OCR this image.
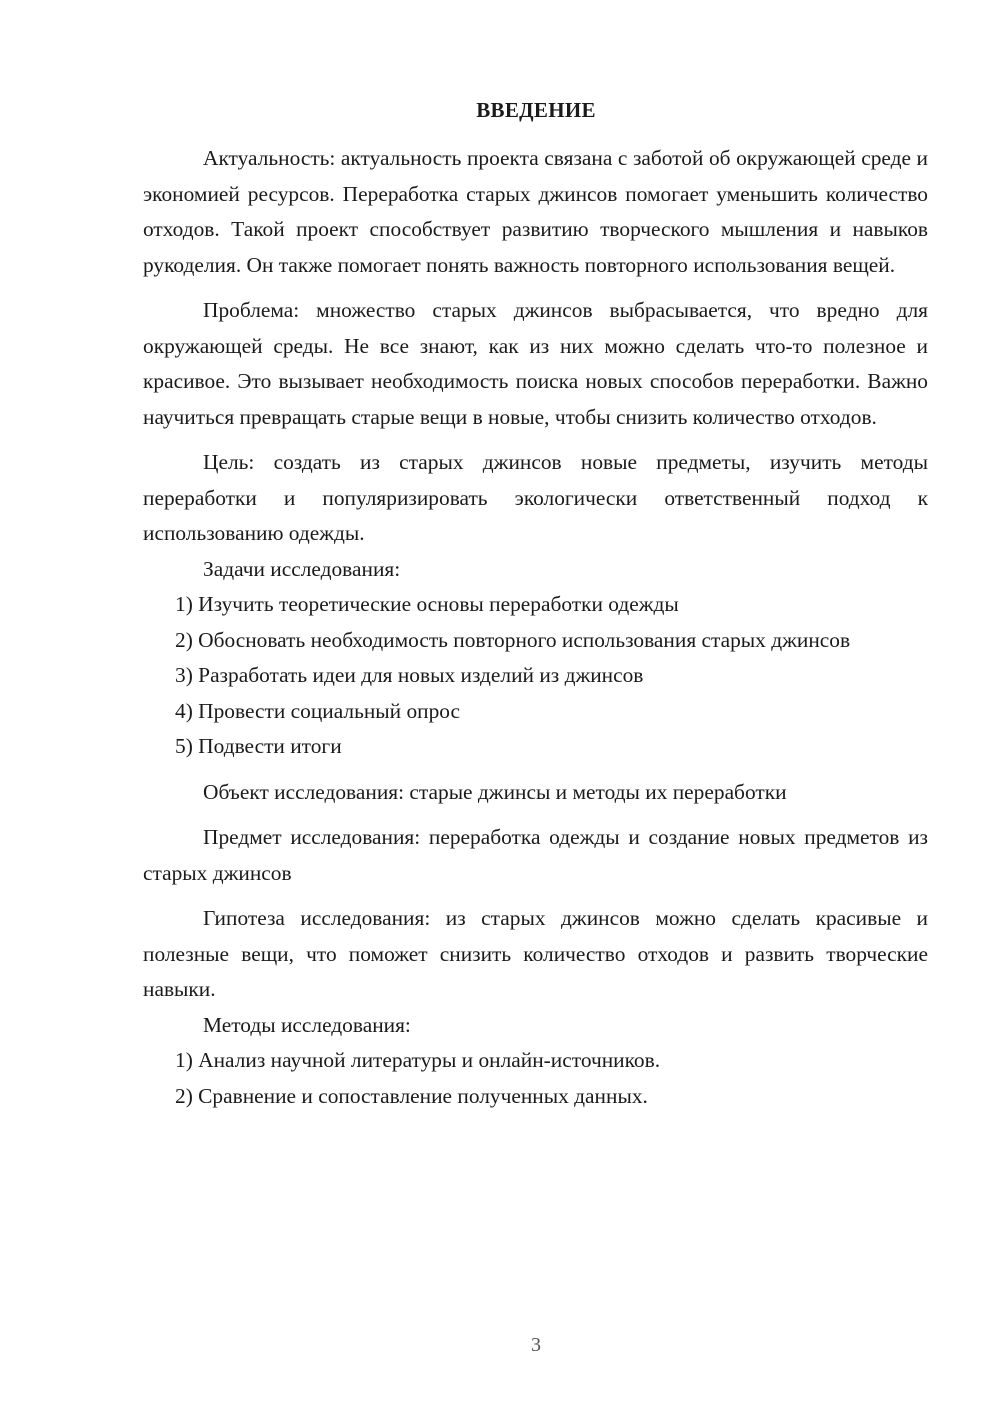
ВВЕДЕНИЕ

Актуальность: актуальность проекта связана с заботой об окружающей среде и экономией ресурсов. Переработка старых джинсов помогает уменьшить количество отходов. Такой проект способствует развитию творческого мышления и навыков рукоделия. Он также помогает понять важность повторного использования вещей.

Проблема: множество старых джинсов выбрасывается, что вредно для окружающей среды. Не все знают, как из них можно сделать что-то полезное и красивое. Это вызывает необходимость поиска новых способов переработки. Важно научиться превращать старые вещи в новые, чтобы снизить количество отходов.

Цель: создать из старых джинсов новые предметы, изучить методы переработки и популяризировать экологически ответственный подход к использованию одежды.

Задачи исследования:

1) Изучить теоретические основы переработки одежды

2) Обосновать необходимость повторного использования старых джинсов

3) Разработать идеи для новых изделий из джинсов

4) Провести социальный опрос

5) Подвести итоги

Объект исследования: старые джинсы и методы их переработки

Предмет исследования: переработка одежды и создание новых предметов из старых джинсов

Гипотеза исследования: из старых джинсов можно сделать красивые и полезные вещи, что поможет снизить количество отходов и развить творческие навыки.

Методы исследования:

1) Анализ научной литературы и онлайн-источников.

2) Сравнение и сопоставление полученных данных.

3
